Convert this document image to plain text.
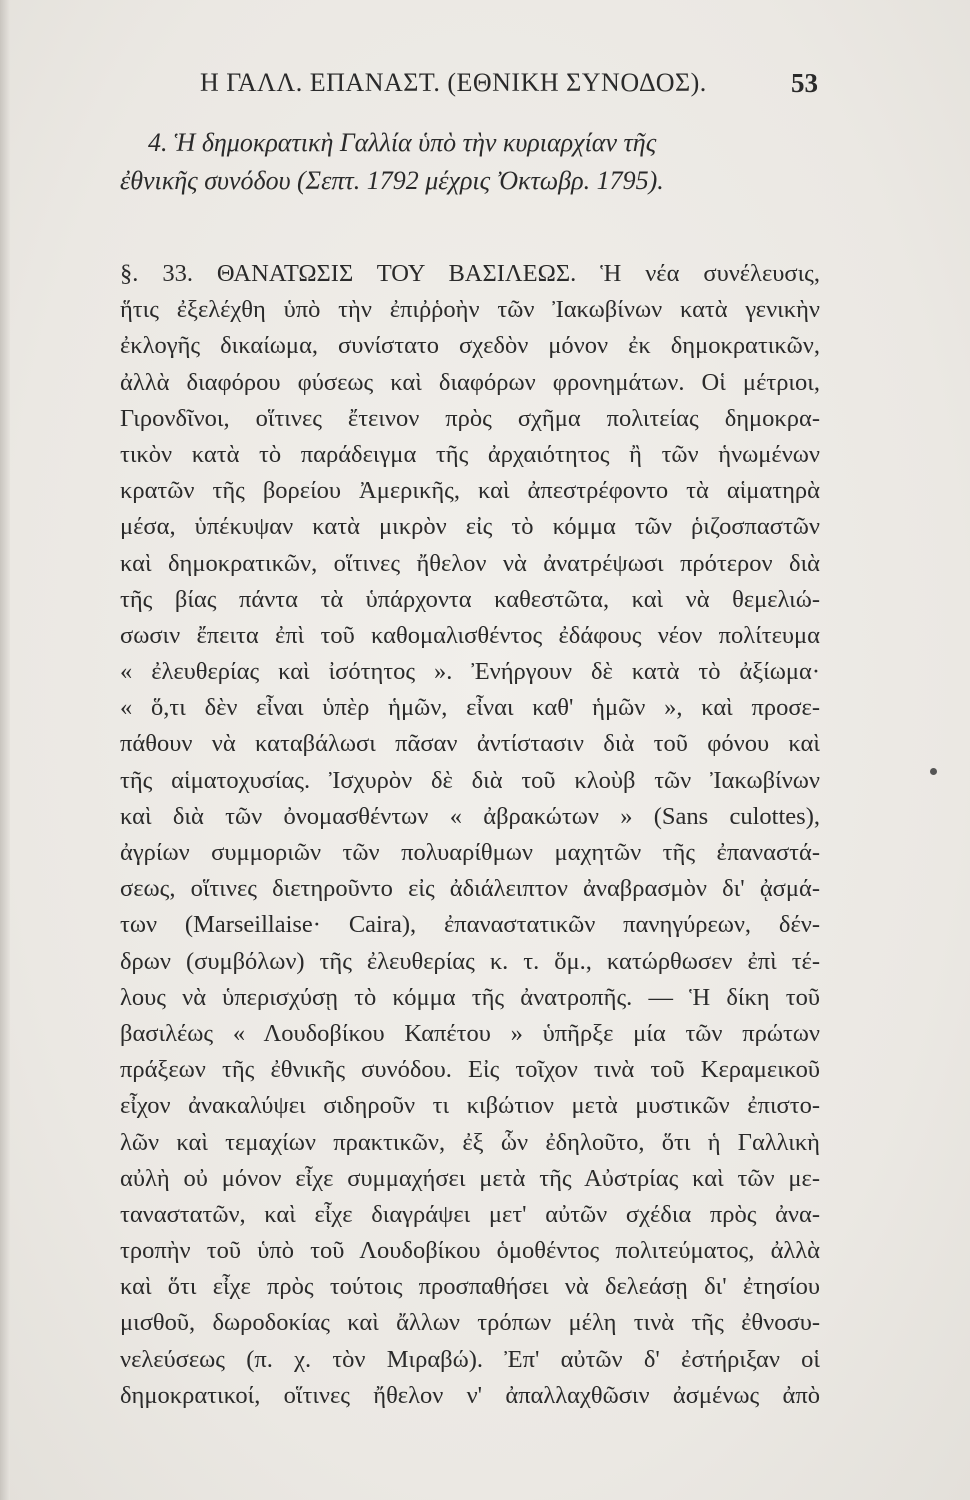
Η ΓΑΛΛ. ΕΠΑΝΑΣΤ. (ΕΘΝΙΚΗ ΣΥΝΟΔΟΣ).	53
4. Ἡ δημοκρατικὴ Γαλλία ὑπὸ τὴν κυριαρχίαν τῆς
ἐθνικῆς συνόδου (Σεπτ. 1792 μέχρις Ὀκτωβρ. 1795).
§. 33. ΘΑΝΑΤΩΣΙΣ ΤΟΥ ΒΑΣΙΛΕΩΣ. Ἡ νέα συνέλευσις,
ἥτις ἐξελέχθη ὑπὸ τὴν ἐπιῤῥοὴν τῶν Ἰακωβίνων κατὰ γενικὴν
ἐκλογῆς δικαίωμα, συνίστατο σχεδὸν μόνον ἐκ δημοκρατικῶν,
ἀλλὰ διαφόρου φύσεως καὶ διαφόρων φρονημάτων. Οἱ μέτριοι,
Γιρονδῖνοι, οἵτινες ἔτεινον πρὸς σχῆμα πολιτείας δημοκρα-
τικὸν κατὰ τὸ παράδειγμα τῆς ἀρχαιότητος ἢ τῶν ἡνωμένων
κρατῶν τῆς βορείου Ἀμερικῆς, καὶ ἀπεστρέφοντο τὰ αἱματηρὰ
μέσα, ὑπέκυψαν κατὰ μικρὸν εἰς τὸ κόμμα τῶν ῥιζοσπαστῶν
καὶ δημοκρατικῶν, οἵτινες ἤθελον νὰ ἀνατρέψωσι πρότερον διὰ
τῆς βίας πάντα τὰ ὑπάρχοντα καθεστῶτα, καὶ νὰ θεμελιώ-
σωσιν ἔπειτα ἐπὶ τοῦ καθομαλισθέντος ἐδάφους νέον πολίτευμα
« ἐλευθερίας καὶ ἰσότητος ». Ἐνήργουν δὲ κατὰ τὸ ἀξίωμα·
« ὅ,τι δὲν εἶναι ὑπὲρ ἡμῶν, εἶναι καθ' ἡμῶν », καὶ προσε-
πάθουν νὰ καταβάλωσι πᾶσαν ἀντίστασιν διὰ τοῦ φόνου καὶ
τῆς αἱματοχυσίας. Ἰσχυρὸν δὲ διὰ τοῦ κλοὺβ τῶν Ἰακωβίνων
καὶ διὰ τῶν ὀνομασθέντων « ἀβρακώτων » (Sans culottes),
ἀγρίων συμμοριῶν τῶν πολυαρίθμων μαχητῶν τῆς ἐπαναστά-
σεως, οἵτινες διετηροῦντο εἰς ἀδιάλειπτον ἀναβρασμὸν δι' ᾀσμά-
των (Marseillaise· Caira), ἐπαναστατικῶν πανηγύρεων, δέν-
δρων (συμβόλων) τῆς ἐλευθερίας κ. τ. ὅμ., κατώρθωσεν ἐπὶ τέ-
λους νὰ ὑπερισχύσῃ τὸ κόμμα τῆς ἀνατροπῆς. — Ἡ δίκη τοῦ
βασιλέως « Λουδοβίκου Καπέτου » ὑπῆρξε μία τῶν πρώτων
πράξεων τῆς ἐθνικῆς συνόδου. Εἰς τοῖχον τινὰ τοῦ Κεραμεικοῦ
εἶχον ἀνακαλύψει σιδηροῦν τι κιβώτιον μετὰ μυστικῶν ἐπιστο-
λῶν καὶ τεμαχίων πρακτικῶν, ἐξ ὧν ἐδηλοῦτο, ὅτι ἡ Γαλλικὴ
αὐλὴ οὐ μόνον εἶχε συμμαχήσει μετὰ τῆς Αὐστρίας καὶ τῶν με-
ταναστατῶν, καὶ εἶχε διαγράψει μετ' αὐτῶν σχέδια πρὸς ἀνα-
τροπὴν τοῦ ὑπὸ τοῦ Λουδοβίκου ὁμοθέντος πολιτεύματος, ἀλλὰ
καὶ ὅτι εἶχε πρὸς τούτοις προσπαθήσει νὰ δελεάσῃ δι' ἐτησίου
μισθοῦ, δωροδοκίας καὶ ἄλλων τρόπων μέλη τινὰ τῆς ἐθνοσυ-
νελεύσεως (π. χ. τὸν Μιραβώ). Ἐπ' αὐτῶν δ' ἐστήριξαν οἱ
δημοκρατικοί, οἵτινες ἤθελον ν' ἀπαλλαχθῶσιν ἀσμένως ἀπὸ
